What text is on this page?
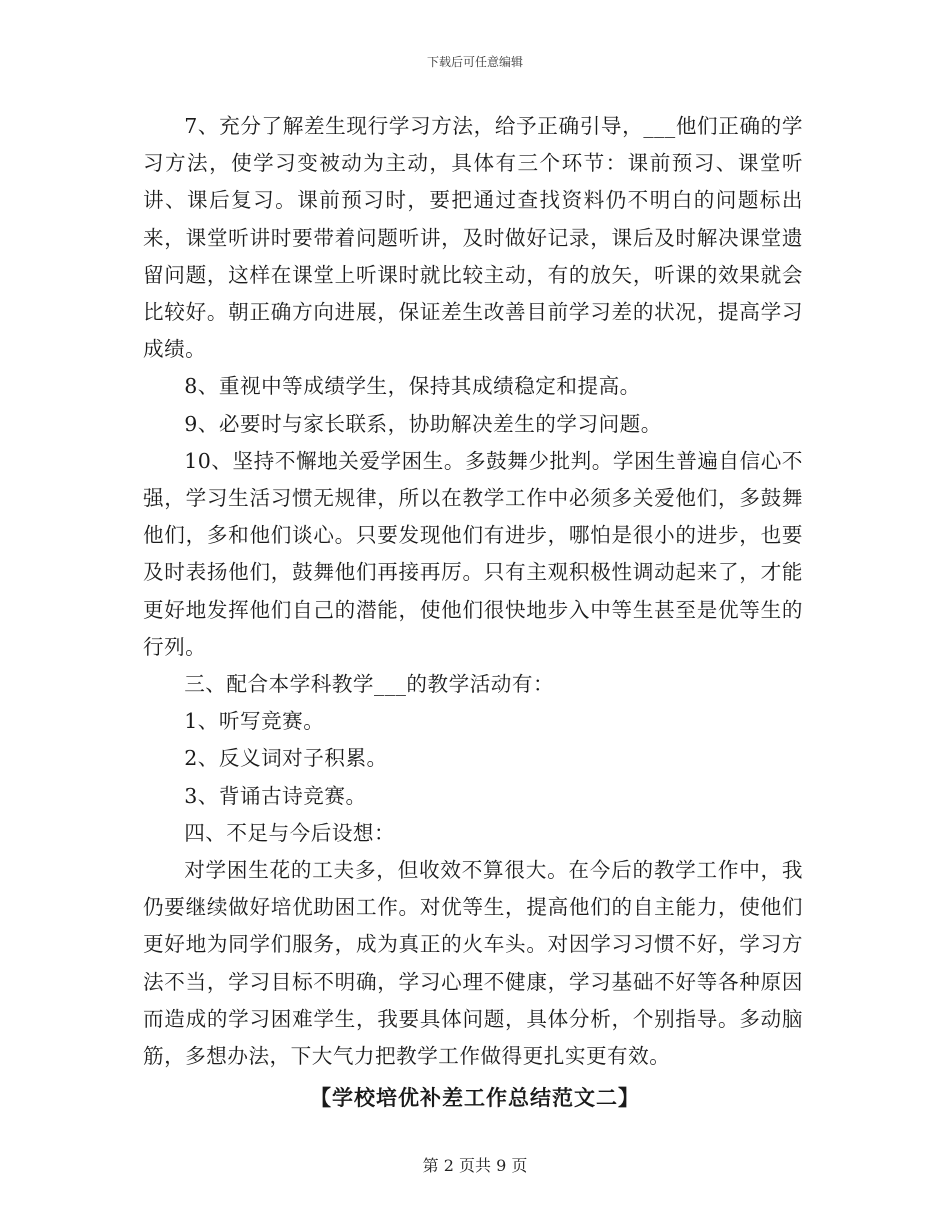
下载后可任意编辑

7、充分了解差生现行学习方法，给予正确引导，___他们正确的学习方法，使学习变被动为主动，具体有三个环节：课前预习、课堂听讲、课后复习。课前预习时，要把通过查找资料仍不明白的问题标出来，课堂听讲时要带着问题听讲，及时做好记录，课后及时解决课堂遗留问题，这样在课堂上听课时就比较主动，有的放矢，听课的效果就会比较好。朝正确方向进展，保证差生改善目前学习差的状况，提高学习成绩。

8、重视中等成绩学生，保持其成绩稳定和提高。

9、必要时与家长联系，协助解决差生的学习问题。

10、坚持不懈地关爱学困生。多鼓舞少批判。学困生普遍自信心不强，学习生活习惯无规律，所以在教学工作中必须多关爱他们，多鼓舞他们，多和他们谈心。只要发现他们有进步，哪怕是很小的进步，也要及时表扬他们，鼓舞他们再接再厉。只有主观积极性调动起来了，才能更好地发挥他们自己的潜能，使他们很快地步入中等生甚至是优等生的行列。

三、配合本学科教学___的教学活动有：

1、听写竞赛。

2、反义词对子积累。

3、背诵古诗竞赛。

四、不足与今后设想：

对学困生花的工夫多，但收效不算很大。在今后的教学工作中，我仍要继续做好培优助困工作。对优等生，提高他们的自主能力，使他们更好地为同学们服务，成为真正的火车头。对因学习习惯不好，学习方法不当，学习目标不明确，学习心理不健康，学习基础不好等各种原因而造成的学习困难学生，我要具体问题，具体分析，个别指导。多动脑筋，多想办法，下大气力把教学工作做得更扎实更有效。

【学校培优补差工作总结范文二】
第 2 页共 9 页
